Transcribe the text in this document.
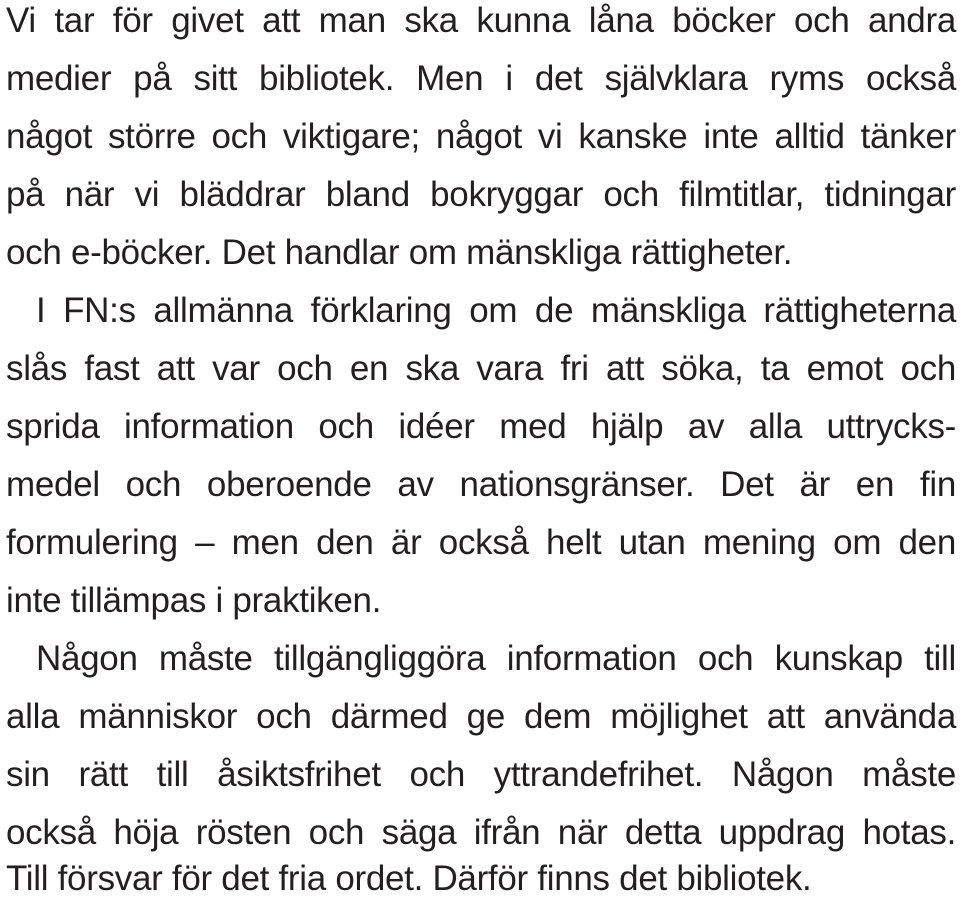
Vi tar för givet att man ska kunna låna böcker och andra
medier på sitt bibliotek. Men i det självklara ryms också
något större och viktigare; något vi kanske inte alltid tänker
på när vi bläddrar bland bokryggar och filmtitlar, tidningar
och e-böcker. Det handlar om mänskliga rättigheter.
I FN:s allmänna förklaring om de mänskliga rättigheterna
slås fast att var och en ska vara fri att söka, ta emot och
sprida information och idéer med hjälp av alla uttrycks-
medel och oberoende av nationsgränser. Det är en fin
formulering – men den är också helt utan mening om den
inte tillämpas i praktiken.
Någon måste tillgängliggöra information och kunskap till
alla människor och därmed ge dem möjlighet att använda
sin rätt till åsiktsfrihet och yttrandefrihet. Någon måste
också höja rösten och säga ifrån när detta uppdrag hotas.
Till försvar för det fria ordet. Därför finns det bibliotek.
